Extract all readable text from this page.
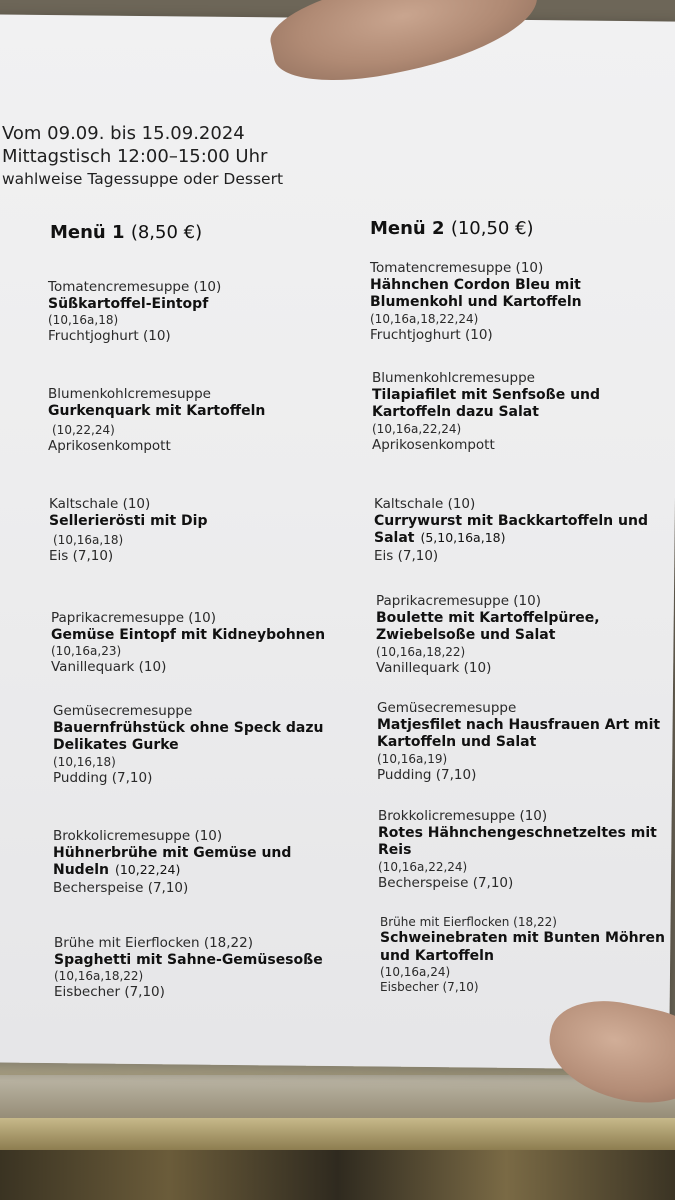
Vom 09.09. bis 15.09.2024
Mittagstisch 12:00–15:00 Uhr
wahlweise Tagessuppe oder Dessert
Menü 1 (8,50 €)
Tomatencremesuppe (10)
Süßkartoffel-Eintopf
(10,16a,18)
Fruchtjoghurt (10)
Blumenkohlcremesuppe
Gurkenquark mit Kartoffeln
(10,22,24)
Aprikosenkompott
Kaltschale (10)
Sellerierösti mit Dip
(10,16a,18)
Eis (7,10)
Paprikacremesuppe (10)
Gemüse Eintopf mit Kidneybohnen
(10,16a,23)
Vanillequark (10)
Gemüsecremesuppe
Bauernfrühstück ohne Speck dazu Delikates Gurke
(10,16,18)
Pudding (7,10)
Brokkolicremesuppe (10)
Hühnerbrühe mit Gemüse und
Nudeln (10,22,24)
Becherspeise (7,10)
Brühe mit Eierflocken (18,22)
Spaghetti mit Sahne-Gemüsesoße
(10,16a,18,22)
Eisbecher (7,10)
Menü 2 (10,50 €)
Tomatencremesuppe (10)
Hähnchen Cordon Bleu mit Blumenkohl und Kartoffeln
(10,16a,18,22,24)
Fruchtjoghurt (10)
Blumenkohlcremesuppe
Tilapiafilet mit Senfsoße und Kartoffeln dazu Salat
(10,16a,22,24)
Aprikosenkompott
Kaltschale (10)
Currywurst mit Backkartoffeln und
Salat (5,10,16a,18)
Eis (7,10)
Paprikacremesuppe (10)
Boulette mit Kartoffelpüree, Zwiebelsoße und Salat
(10,16a,18,22)
Vanillequark (10)
Gemüsecremesuppe
Matjesfilet nach Hausfrauen Art mit Kartoffeln und Salat
(10,16a,19)
Pudding (7,10)
Brokkolicremesuppe (10)
Rotes Hähnchengeschnetzeltes mit Reis
(10,16a,22,24)
Becherspeise (7,10)
Brühe mit Eierflocken (18,22)
Schweinebraten mit Bunten Möhren und Kartoffeln
(10,16a,24)
Eisbecher (7,10)
